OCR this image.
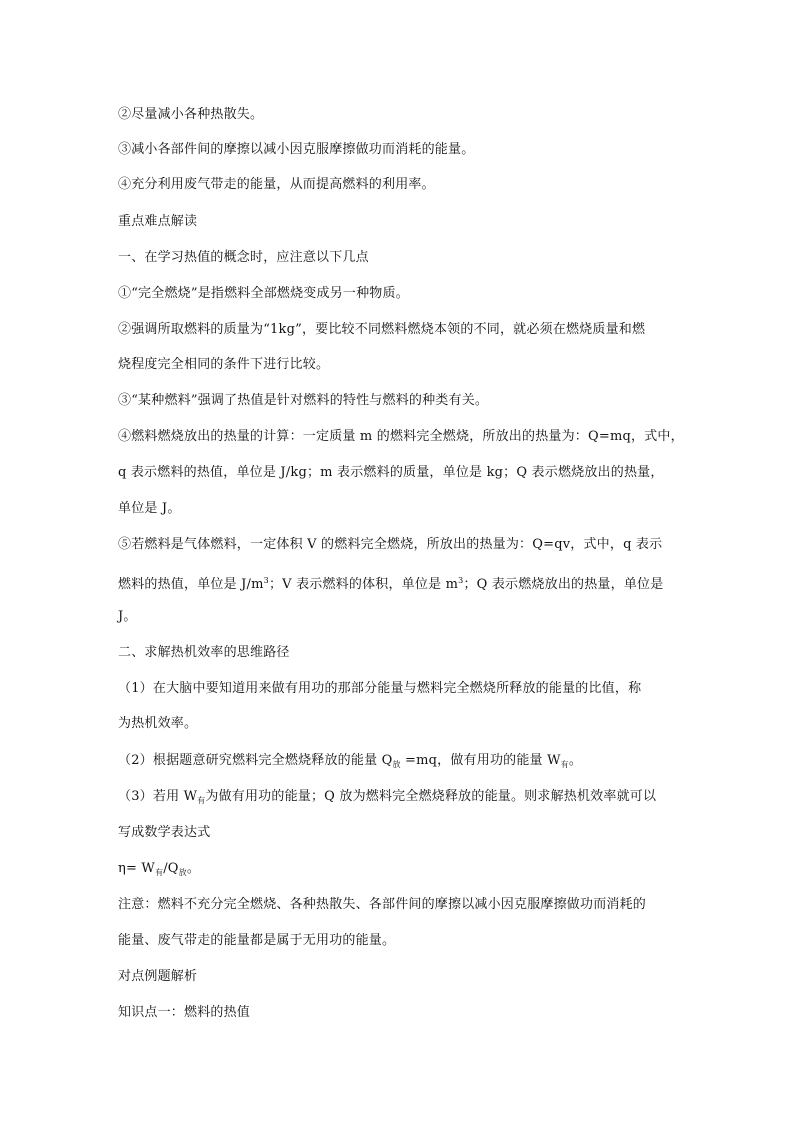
②尽量减小各种热散失。
③减小各部件间的摩擦以减小因克服摩擦做功而消耗的能量。
④充分利用废气带走的能量，从而提高燃料的利用率。
重点难点解读
一、在学习热值的概念时，应注意以下几点
①“完全燃烧”是指燃料全部燃烧变成另一种物质。
②强调所取燃料的质量为“1kg”，要比较不同燃料燃烧本领的不同，就必须在燃烧质量和燃
烧程度完全相同的条件下进行比较。
③“某种燃料”强调了热值是针对燃料的特性与燃料的种类有关。
④燃料燃烧放出的热量的计算：一定质量 m 的燃料完全燃烧，所放出的热量为：Q=mq，式中，
q 表示燃料的热值，单位是 J/kg；m 表示燃料的质量，单位是 kg；Q 表示燃烧放出的热量，
单位是 J。
⑤若燃料是气体燃料，一定体积 V 的燃料完全燃烧，所放出的热量为：Q=qv，式中，q 表示
燃料的热值，单位是 $J/m^3$；V 表示燃料的体积，单位是 $m^3$；Q 表示燃烧放出的热量，单位是
J。
二、求解热机效率的思维路径
（1）在大脑中要知道用来做有用功的那部分能量与燃料完全燃烧所释放的能量的比值，称
为热机效率。
（2）根据题意研究燃料完全燃烧释放的能量 $Q_放 =mq$，做有用功的能量 $W_有$。
（3）若用 $W_有$为做有用功的能量；Q 放为燃料完全燃烧释放的能量。则求解热机效率就可以
写成数学表达式
$\eta= W_有/Q_放$。
注意：燃料不充分完全燃烧、各种热散失、各部件间的摩擦以减小因克服摩擦做功而消耗的
能量、废气带走的能量都是属于无用功的能量。
对点例题解析
知识点一：燃料的热值
